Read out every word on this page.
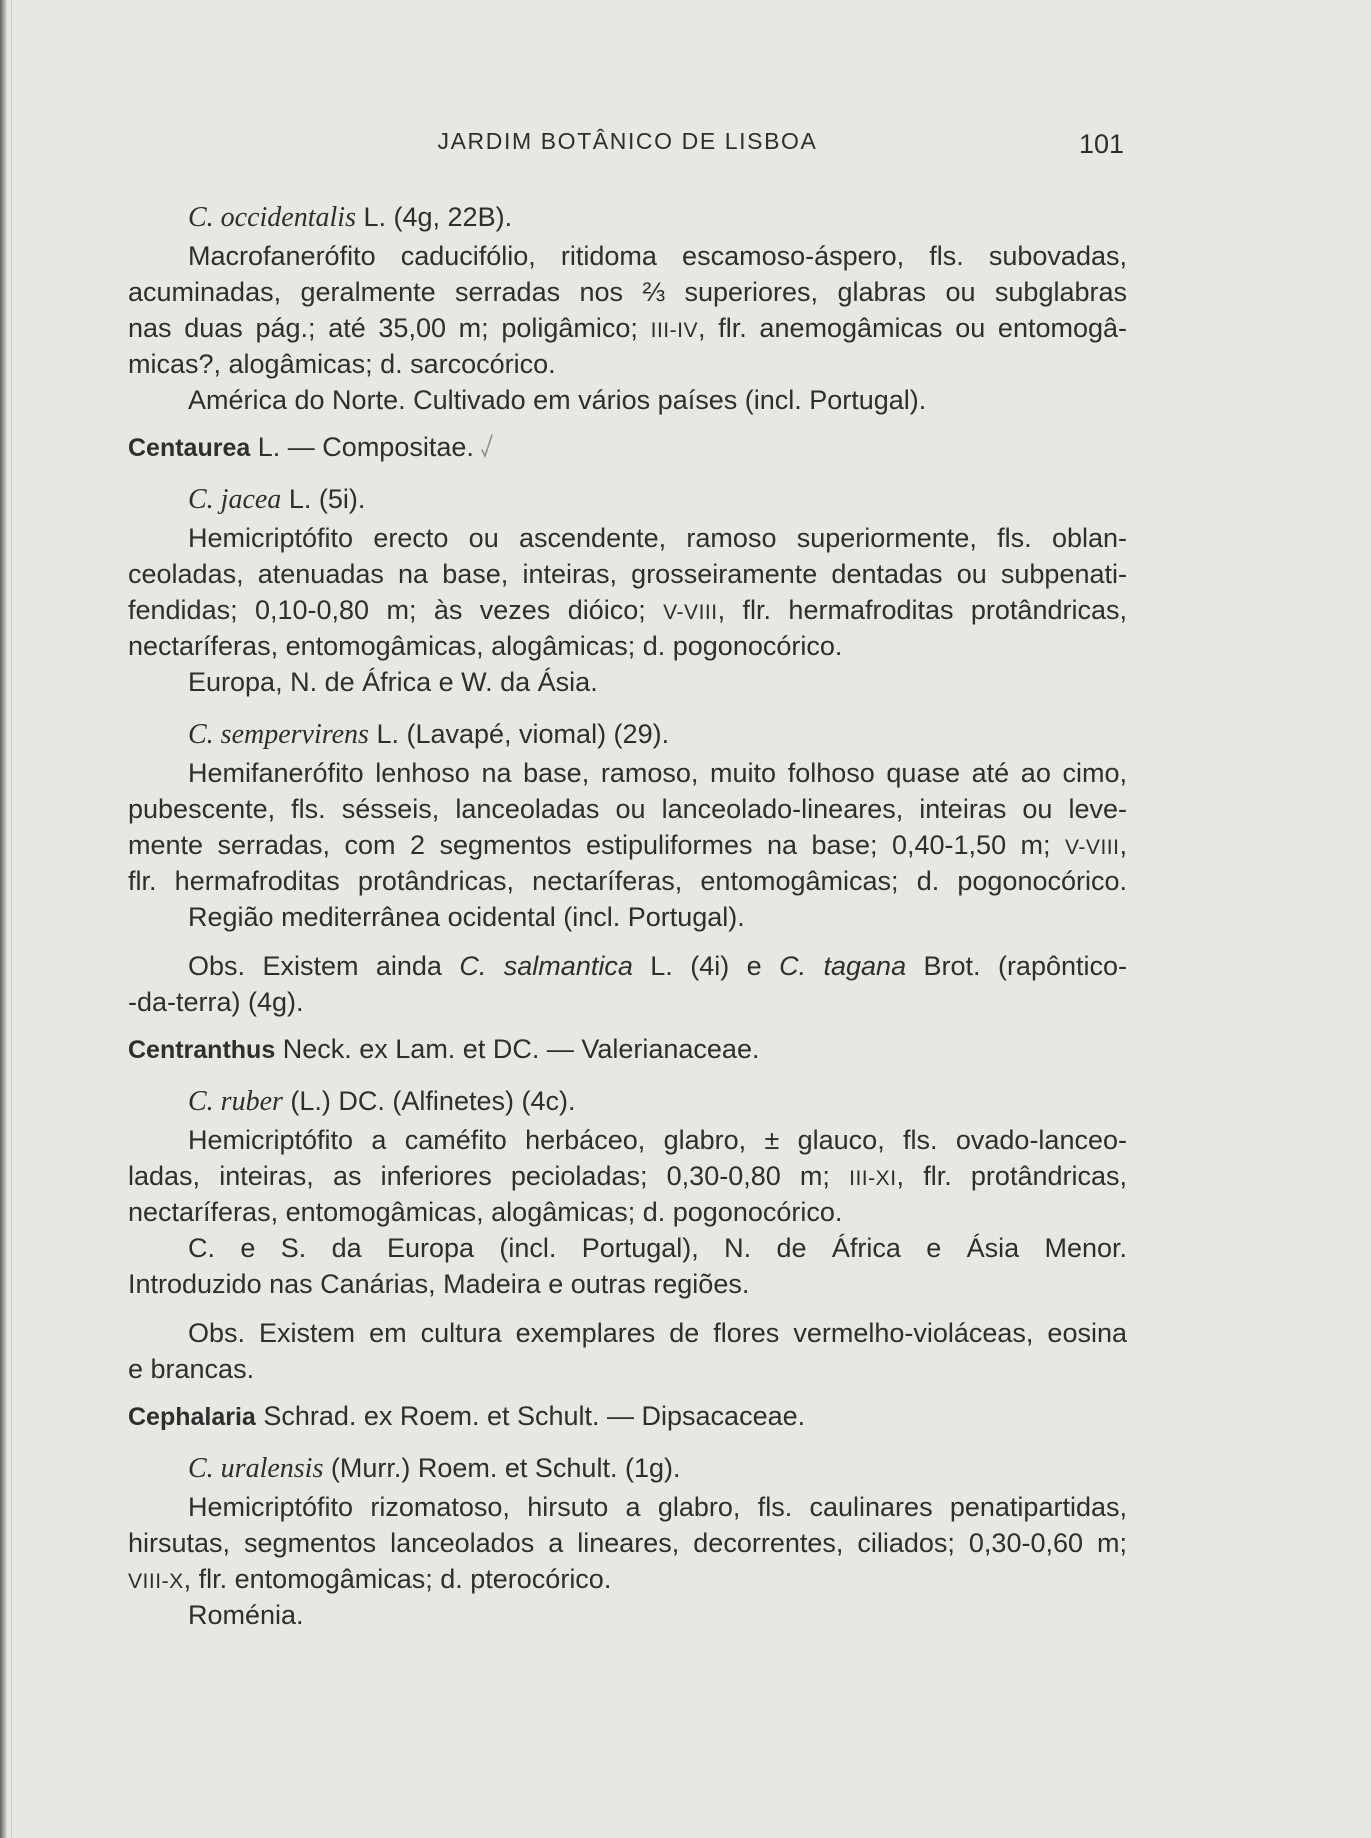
JARDIM BOTÂNICO DE LISBOA	101
C. occidentalis L. (4g, 22B).
Macrofanerófito caducifólio, ritidoma escamoso-áspero, fls. subovadas,
acuminadas, geralmente serradas nos ⅔ superiores, glabras ou subglabras
nas duas pág.; até 35,00 m; poligâmico; III-IV, flr. anemogâmicas ou entomogâ-
micas?, alogâmicas; d. sarcocórico.
América do Norte. Cultivado em vários países (incl. Portugal).
Centaurea L. — Compositae.
C. jacea L. (5i).
Hemicriptófito erecto ou ascendente, ramoso superiormente, fls. oblan-
ceoladas, atenuadas na base, inteiras, grosseiramente dentadas ou subpenati-
fendidas; 0,10-0,80 m; às vezes dióico; V-VIII, flr. hermafroditas protândricas,
nectaríferas, entomogâmicas, alogâmicas; d. pogonocórico.
Europa, N. de África e W. da Ásia.
C. sempervirens L. (Lavapé, viomal) (29).
Hemifanerófito lenhoso na base, ramoso, muito folhoso quase até ao cimo,
pubescente, fls. sésseis, lanceoladas ou lanceolado-lineares, inteiras ou leve-
mente serradas, com 2 segmentos estipuliformes na base; 0,40-1,50 m; V-VIII,
flr. hermafroditas protândricas, nectaríferas, entomogâmicas; d. pogonocórico.
Região mediterrânea ocidental (incl. Portugal).
Obs. Existem ainda C. salmantica L. (4i) e C. tagana Brot. (rapôntico-
-da-terra) (4g).
Centranthus Neck. ex Lam. et DC. — Valerianaceae.
C. ruber (L.) DC. (Alfinetes) (4c).
Hemicriptófito a caméfito herbáceo, glabro, ± glauco, fls. ovado-lanceo-
ladas, inteiras, as inferiores pecioladas; 0,30-0,80 m; III-XI, flr. protândricas,
nectaríferas, entomogâmicas, alogâmicas; d. pogonocórico.
C. e S. da Europa (incl. Portugal), N. de África e Ásia Menor.
Introduzido nas Canárias, Madeira e outras regiões.
Obs. Existem em cultura exemplares de flores vermelho-violáceas, eosina
e brancas.
Cephalaria Schrad. ex Roem. et Schult. — Dipsacaceae.
C. uralensis (Murr.) Roem. et Schult. (1g).
Hemicriptófito rizomatoso, hirsuto a glabro, fls. caulinares penatipartidas,
hirsutas, segmentos lanceolados a lineares, decorrentes, ciliados; 0,30-0,60 m;
VIII-X, flr. entomogâmicas; d. pterocórico.
Roménia.
